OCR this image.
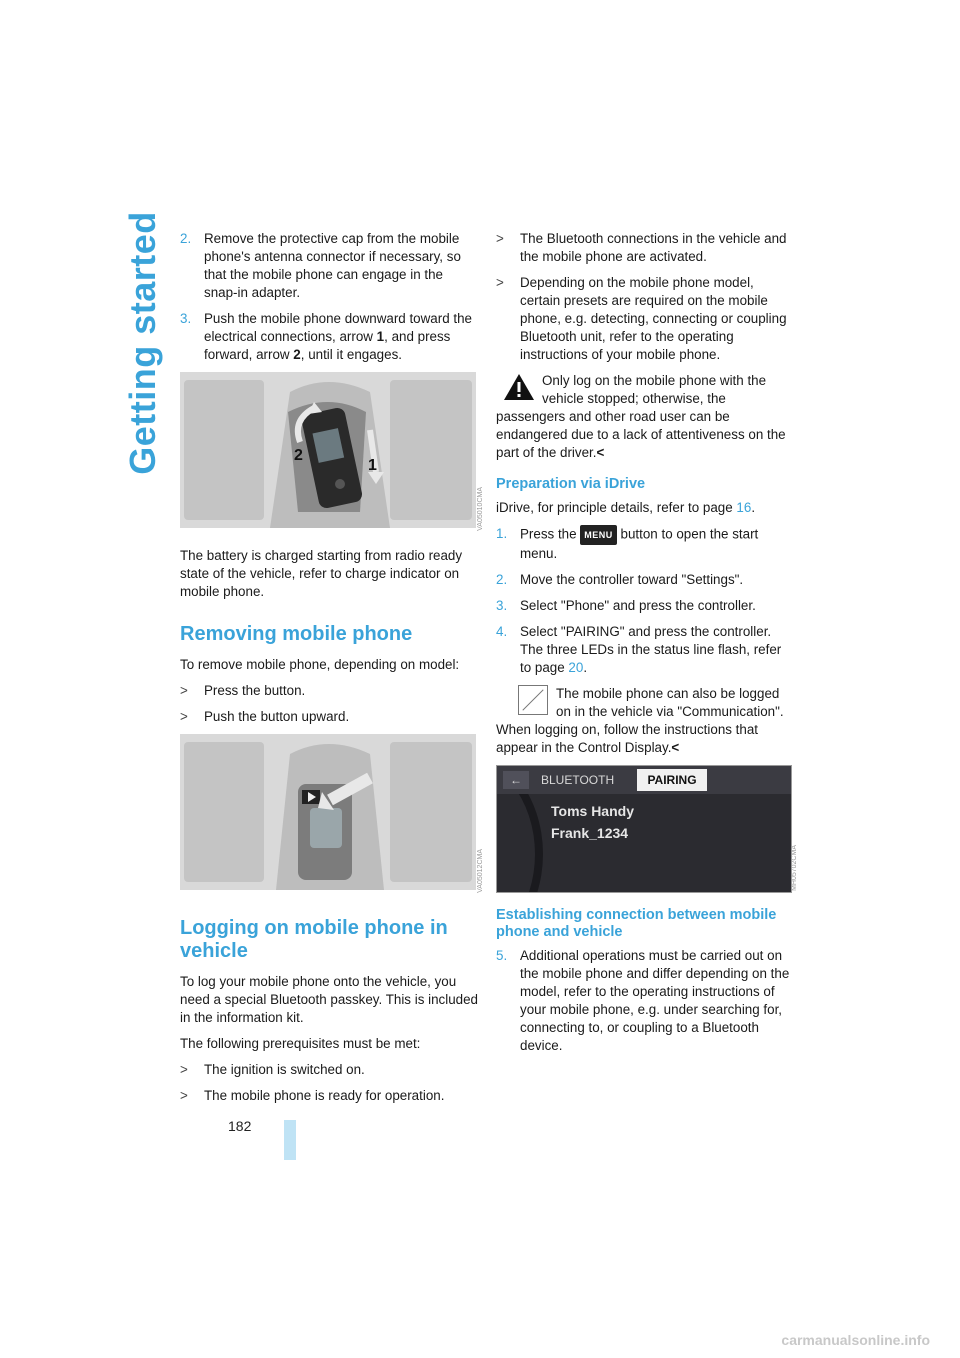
Getting started 2. Remove the protective cap from the mobile phone's antenna connector if necessary, so that the mobile phone can engage in the snap-in adapter.
3. Push the mobile phone downward toward the electrical connections, arrow 1, and press forward, arrow 2, until it engages.
2
1
VA05010CMA
The battery is charged starting from radio ready state of the vehicle, refer to charge indicator on mobile phone.
Removing mobile phone
To remove mobile phone, depending on model:
> Press the button.
> Push the button upward.
VA05012CMA
Logging on mobile phone in vehicle
To log your mobile phone onto the vehicle, you need a special Bluetooth passkey. This is included in the information kit.
The following prerequisites must be met:
> The ignition is switched on.
> The mobile phone is ready for operation.
> The Bluetooth connections in the vehicle and the mobile phone are activated.
> Depending on the mobile phone model, certain presets are required on the mobile phone, e.g. detecting, connecting or coupling Bluetooth unit, refer to the operating instructions of your mobile phone.
Only log on the mobile phone with the vehicle stopped; otherwise, the passengers and other road user can be endangered due to a lack of attentiveness on the part of the driver.<
Preparation via iDrive
iDrive, for principle details, refer to page 16.
1. Press the MENU button to open the start menu.
2. Move the controller toward "Settings".
3. Select "Phone" and press the controller.
4. Select "PAIRING" and press the controller. The three LEDs in the status line flash, refer to page 20.
The mobile phone can also be logged on in the vehicle via "Communication". When logging on, follow the instructions that appear in the Control Display.<
←	BLUETOOTH	PAIRING
Toms Handy
Frank_1234
MH05702CMA
Establishing connection between mobile phone and vehicle
5. Additional operations must be carried out on the mobile phone and differ depending on the model, refer to the operating instructions of your mobile phone, e.g. under searching for, connecting to, or coupling to a Bluetooth device.
182
carmanualsonline.info
